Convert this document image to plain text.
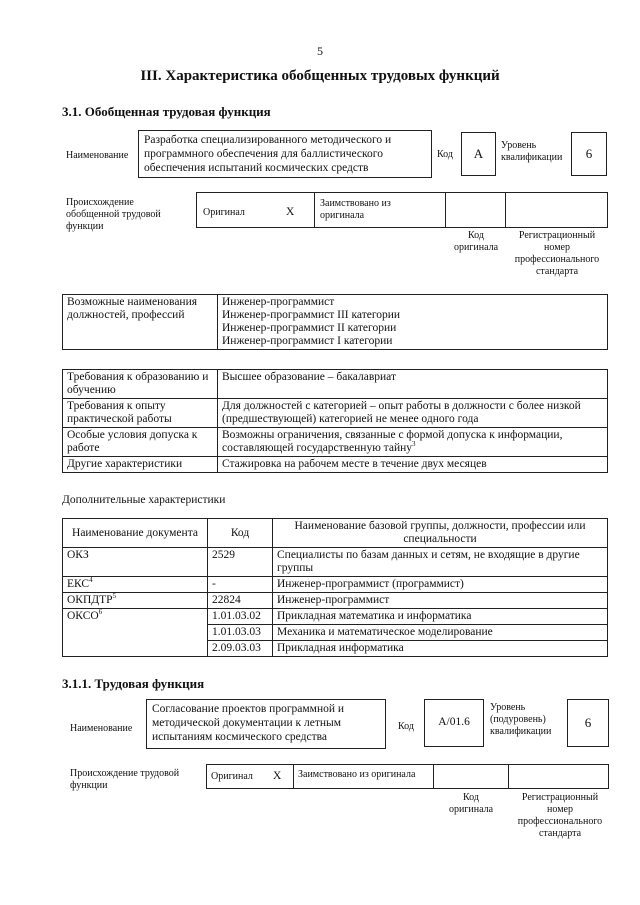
5
III. Характеристика обобщенных трудовых функций
3.1. Обобщенная трудовая функция
Наименование
Разработка специализированного методического и программного обеспечения для баллистического обеспечения испытаний космических средств
Код	А
Уровень квалификации	6
Происхождение обобщенной трудовой функции
Оригинал	X
Заимствовано из оригинала
Код оригинала
Регистрационный номер профессионального стандарта
Возможные наименования должностей, профессий	
Инженер-программист
Инженер-программист III категории
Инженер-программист II категории
Инженер-программист I категории
Требования к образованию и обучению	Высшее образование – бакалавриат
Требования к опыту практической работы	Для должностей с категорией – опыт работы в должности с более низкой (предшествующей) категорией не менее одного года
Особые условия допуска к работе	Возможны ограничения, связанные с формой допуска к информации, составляющей государственную тайну$^3$
Другие характеристики	Стажировка на рабочем месте в течение двух месяцев
Дополнительные характеристики
Наименование документа	Код	Наименование базовой группы, должности, профессии или специальности
ОКЗ	2529	Специалисты по базам данных и сетям, не входящие в другие группы
ЕКС$^4$	-	Инженер-программист (программист)
ОКПДТР$^5$	22824	Инженер-программист
ОКСО$^6$	1.01.03.02	Прикладная математика и информатика
	1.01.03.03	Механика и математическое моделирование
	2.09.03.03	Прикладная информатика
3.1.1. Трудовая функция
Наименование
Согласование проектов программной и методической документации к летным испытаниям космического средства
Код	А/01.6
Уровень (подуровень) квалификации
6
Происхождение трудовой функции
Оригинал X Заимствовано из оригинала
Код оригинала
Регистрационный номер профессионального стандарта
